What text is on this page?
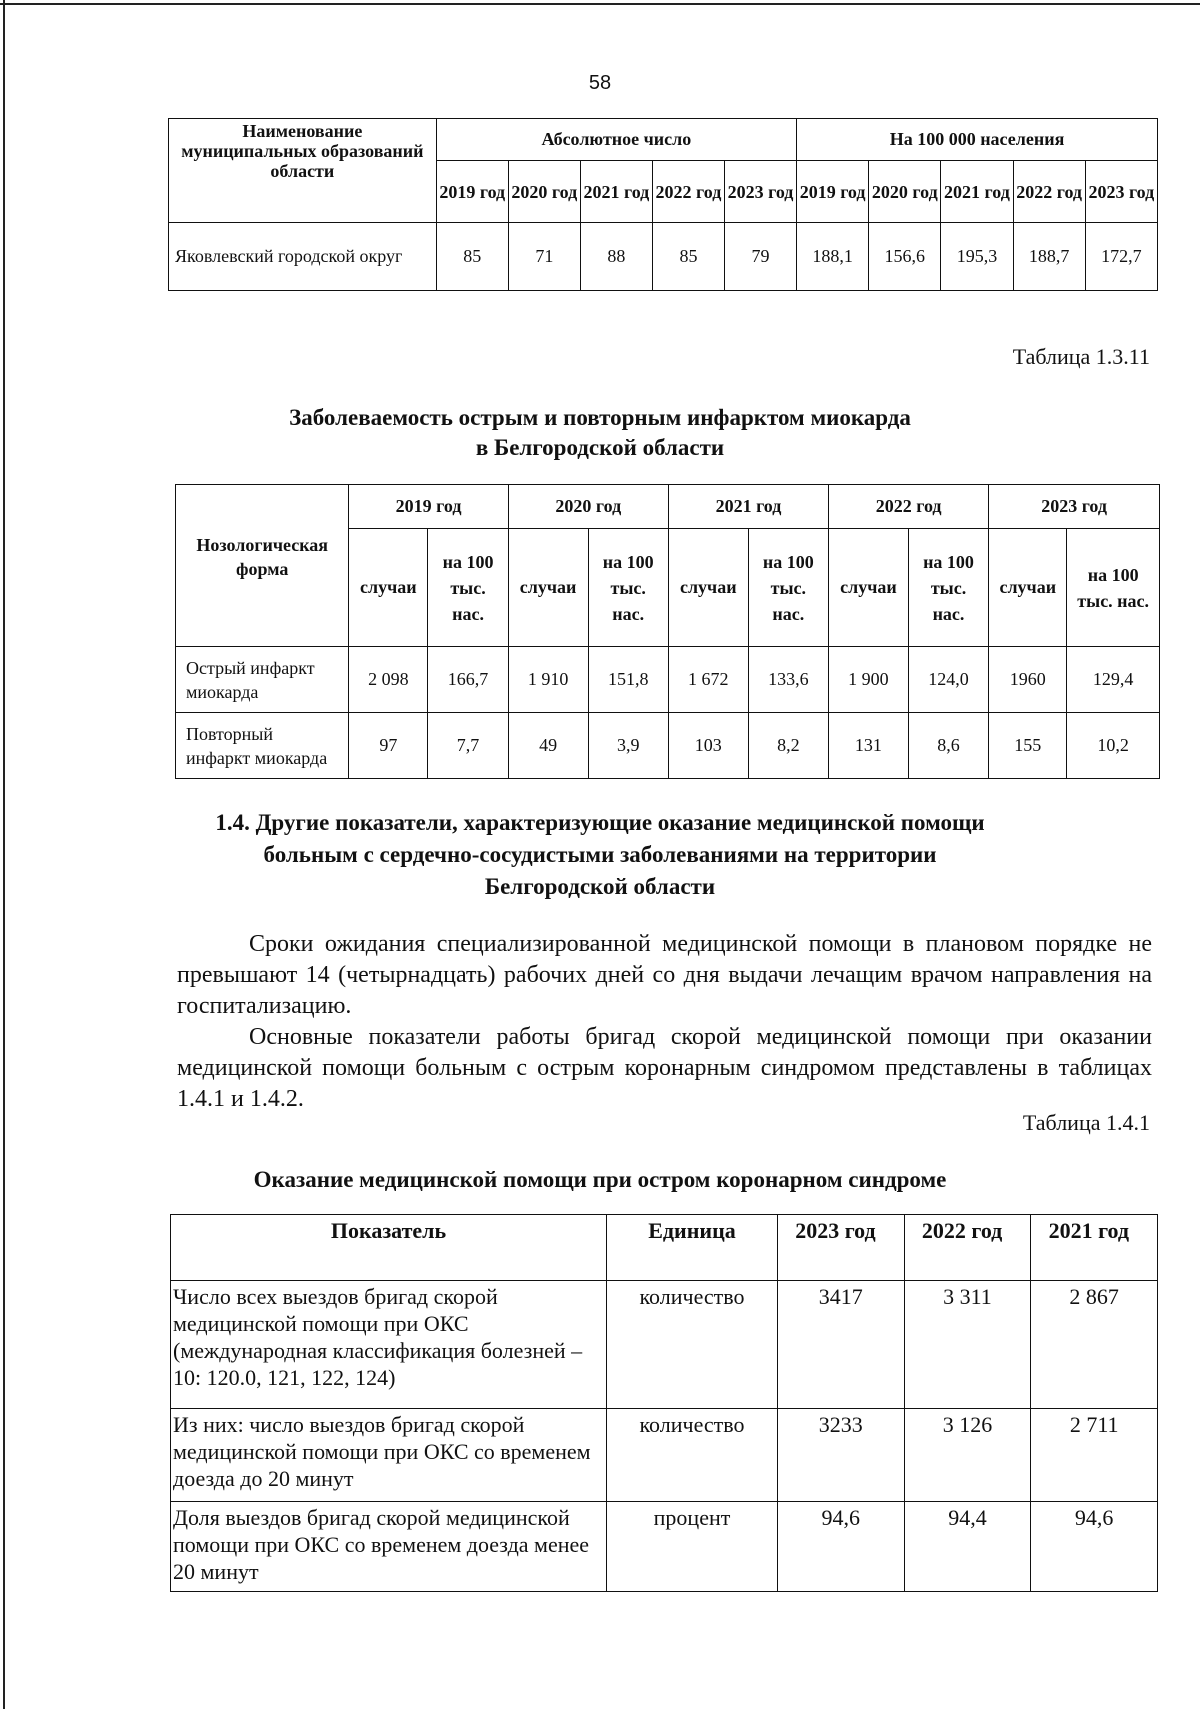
58
Наименование муниципальных образований области	Абсолютное число					На 100 000 населения				
	2019 год	2020 год	2021 год	2022 год	2023 год	2019 год	2020 год	2021 год	2022 год	2023 год
Яковлевский городской округ	85	71	88	85	79	188,1	156,6	195,3	188,7	172,7
Таблица 1.3.11
Заболеваемость острым и повторным инфарктом миокарда
в Белгородской области
Нозологическая форма	2019 год		2020 год		2021 год		2022 год		2023 год	
	случаи	на 100 тыс. нас.	случаи	на 100 тыс. нас.	случаи	на 100 тыс. нас.	случаи	на 100 тыс. нас.	случаи	на 100 тыс. нас.
Острый инфаркт миокарда	2 098	166,7	1 910	151,8	1 672	133,6	1 900	124,0	1960	129,4
Повторный инфаркт миокарда	97	7,7	49	3,9	103	8,2	131	8,6	155	10,2
1.4. Другие показатели, характеризующие оказание медицинской помощи
больным с сердечно-сосудистыми заболеваниями на территории
Белгородской области
Сроки ожидания специализированной медицинской помощи в плановом порядке не превышают 14 (четырнадцать) рабочих дней со дня выдачи лечащим врачом направления на госпитализацию.
Основные показатели работы бригад скорой медицинской помощи при оказании медицинской помощи больным с острым коронарным синдромом представлены в таблицах 1.4.1 и 1.4.2.
Таблица 1.4.1
Оказание медицинской помощи при остром коронарном синдроме
Показатель	Единица	2023 год	2022 год	2021 год
Число всех выездов бригад скорой медицинской помощи при ОКС (международная классификация болезней – 10: 120.0, 121, 122, 124)	количество	3417	3 311	2 867
Из них: число выездов бригад скорой медицинской помощи при ОКС со временем доезда до 20 минут	количество	3233	3 126	2 711
Доля выездов бригад скорой медицинской помощи при ОКС со временем доезда менее 20 минут	процент	94,6	94,4	94,6
